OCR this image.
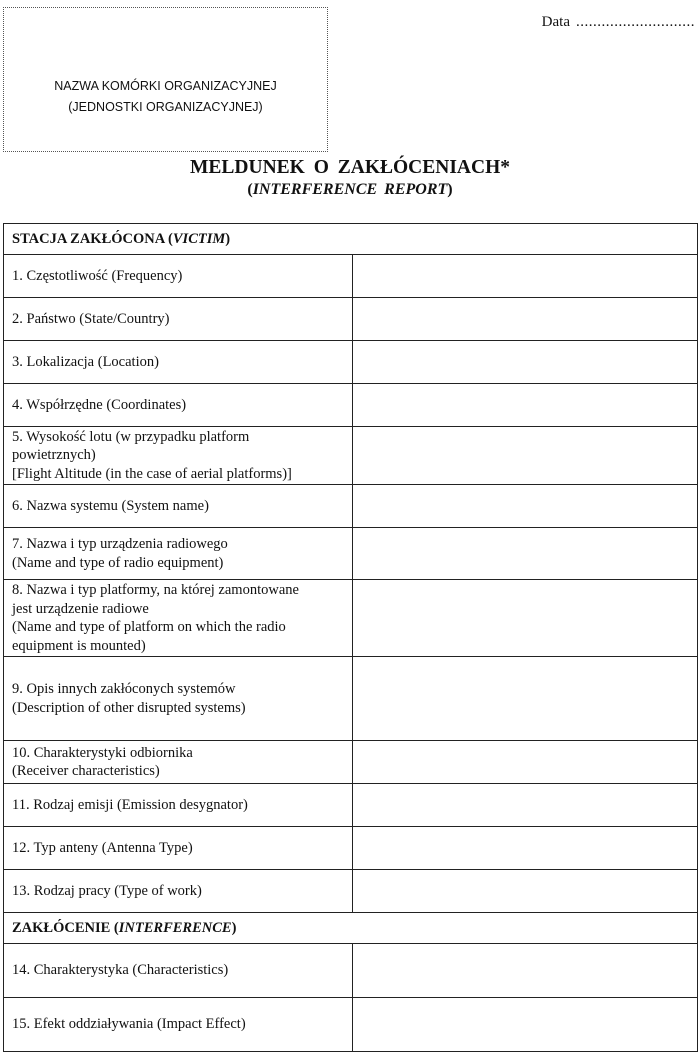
NAZWA KOMÓRKI ORGANIZACYJNEJ
(JEDNOSTKI ORGANIZACYJNEJ)
Data ............................
MELDUNEK O ZAKŁÓCENIACH*
(INTERFERENCE REPORT)
STACJA ZAKŁÓCONA (VICTIM)	

1. Częstotliwość (Frequency)	

2. Państwo (State/Country)	

3. Lokalizacja (Location)	

4. Współrzędne (Coordinates)	

5. Wysokość lotu (w przypadku platform
powietrznych)
[Flight Altitude (in the case of aerial platforms)]	

6. Nazwa systemu (System name)	

7. Nazwa i typ urządzenia radiowego
(Name and type of radio equipment)	

8. Nazwa i typ platformy, na której zamontowane
jest urządzenie radiowe
(Name and type of platform on which the radio
equipment is mounted)	

9. Opis innych zakłóconych systemów
(Description of other disrupted systems)	

10. Charakterystyki odbiornika
(Receiver characteristics)	

11. Rodzaj emisji (Emission desygnator)	

12. Typ anteny (Antenna Type)	

13. Rodzaj pracy (Type of work)	

ZAKŁÓCENIE (INTERFERENCE)	

14. Charakterystyka (Characteristics)	

15. Efekt oddziaływania (Impact Effect)	
